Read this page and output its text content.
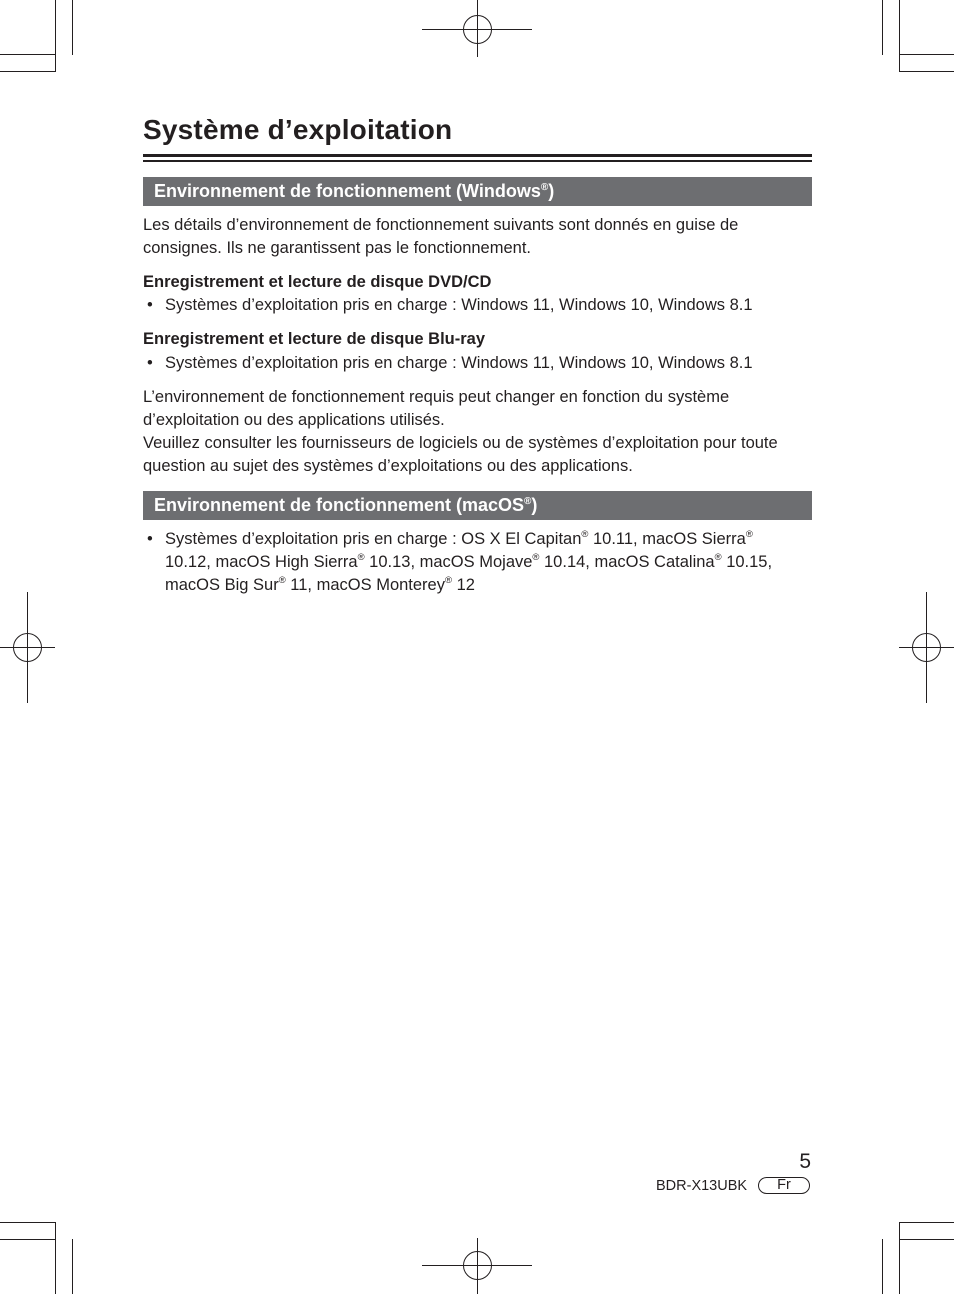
Système d’exploitation
Environnement de fonctionnement (Windows®)

Les détails d’environnement de fonctionnement suivants sont donnés en guise de
consignes. Ils ne garantissent pas le fonctionnement.

Enregistrement et lecture de disque DVD/CD

• Systèmes d’exploitation pris en charge : Windows 11, Windows 10, Windows 8.1

Enregistrement et lecture de disque Blu-ray

• Systèmes d’exploitation pris en charge : Windows 11, Windows 10, Windows 8.1

L’environnement de fonctionnement requis peut changer en fonction du système
d’exploitation ou des applications utilisés.
Veuillez consulter les fournisseurs de logiciels ou de systèmes d’exploitation pour toute
question au sujet des systèmes d’exploitations ou des applications.

Environnement de fonctionnement (macOS®)

• Systèmes d’exploitation pris en charge : OS X El Capitan® 10.11, macOS Sierra®
10.12, macOS High Sierra® 10.13, macOS Mojave® 10.14, macOS Catalina® 10.15,
macOS Big Sur® 11, macOS Monterey® 12

5

BDR-X13UBK	Fr
